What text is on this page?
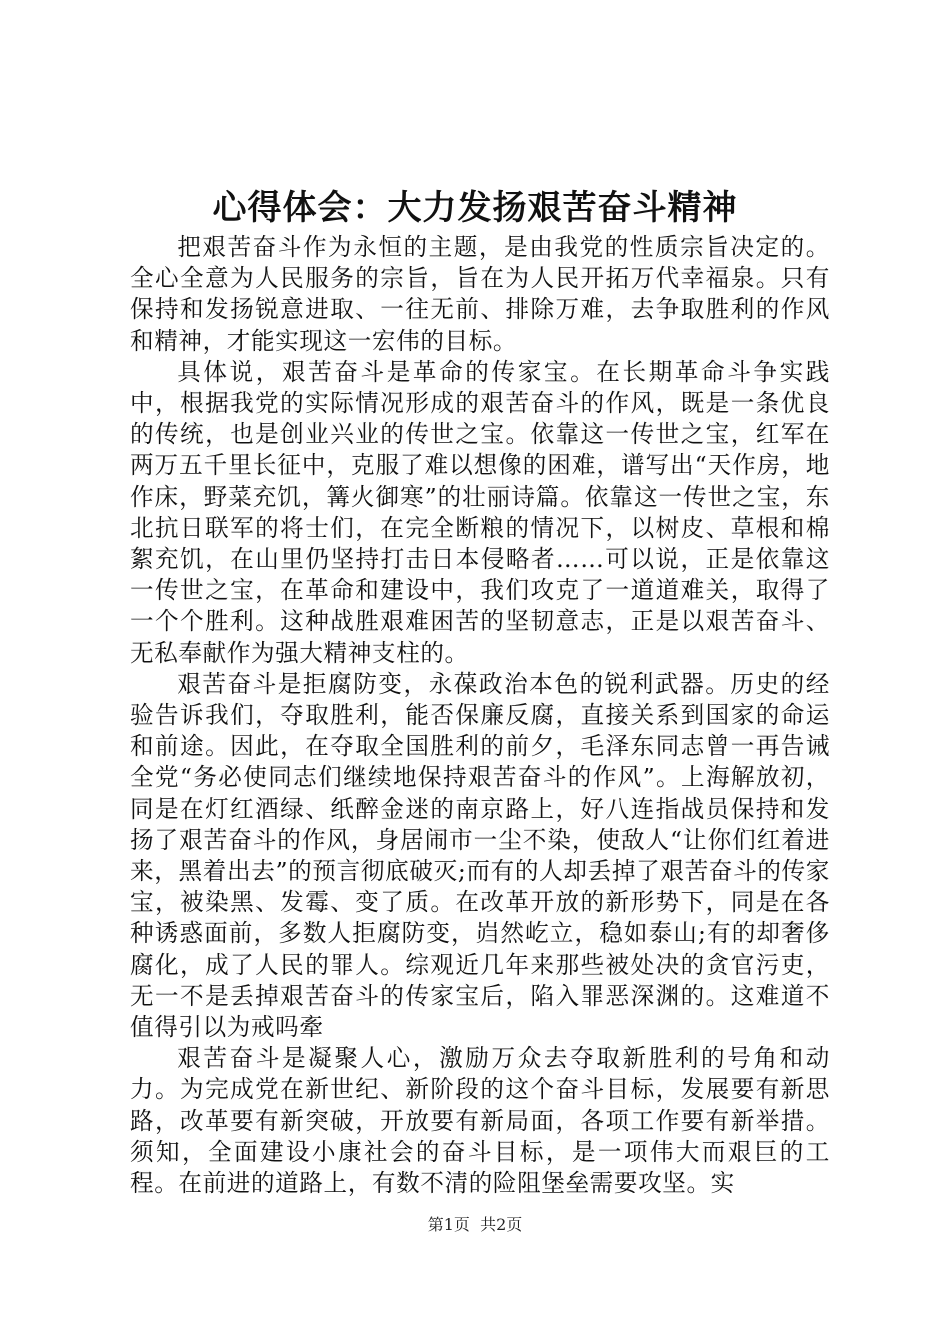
心得体会：大力发扬艰苦奋斗精神

把艰苦奋斗作为永恒的主题，是由我党的性质宗旨决定的。全心全意为人民服务的宗旨，旨在为人民开拓万代幸福泉。只有保持和发扬锐意进取、一往无前、排除万难，去争取胜利的作风和精神，才能实现这一宏伟的目标。

具体说，艰苦奋斗是革命的传家宝。在长期革命斗争实践中，根据我党的实际情况形成的艰苦奋斗的作风，既是一条优良的传统，也是创业兴业的传世之宝。依靠这一传世之宝，红军在两万五千里长征中，克服了难以想像的困难，谱写出“天作房，地作床，野菜充饥，篝火御寒”的壮丽诗篇。依靠这一传世之宝，东北抗日联军的将士们，在完全断粮的情况下，以树皮、草根和棉絮充饥，在山里仍坚持打击日本侵略者……可以说，正是依靠这一传世之宝，在革命和建设中，我们攻克了一道道难关，取得了一个个胜利。这种战胜艰难困苦的坚韧意志，正是以艰苦奋斗、无私奉献作为强大精神支柱的。

艰苦奋斗是拒腐防变，永葆政治本色的锐利武器。历史的经验告诉我们，夺取胜利，能否保廉反腐，直接关系到国家的命运和前途。因此，在夺取全国胜利的前夕，毛泽东同志曾一再告诫全党“务必使同志们继续地保持艰苦奋斗的作风”。上海解放初，同是在灯红酒绿、纸醉金迷的南京路上，好八连指战员保持和发扬了艰苦奋斗的作风，身居闹市一尘不染，使敌人“让你们红着进来，黑着出去”的预言彻底破灭;而有的人却丢掉了艰苦奋斗的传家宝，被染黑、发霉、变了质。在改革开放的新形势下，同是在各种诱惑面前，多数人拒腐防变，岿然屹立，稳如泰山;有的却奢侈腐化，成了人民的罪人。综观近几年来那些被处决的贪官污吏，无一不是丢掉艰苦奋斗的传家宝后，陷入罪恶深渊的。这难道不值得引以为戒吗牽

艰苦奋斗是凝聚人心，激励万众去夺取新胜利的号角和动力。为完成党在新世纪、新阶段的这个奋斗目标，发展要有新思路，改革要有新突破，开放要有新局面，各项工作要有新举措。须知，全面建设小康社会的奋斗目标，是一项伟大而艰巨的工程。在前进的道路上，有数不清的险阻堡垒需要攻坚。实

第1页  共2页
